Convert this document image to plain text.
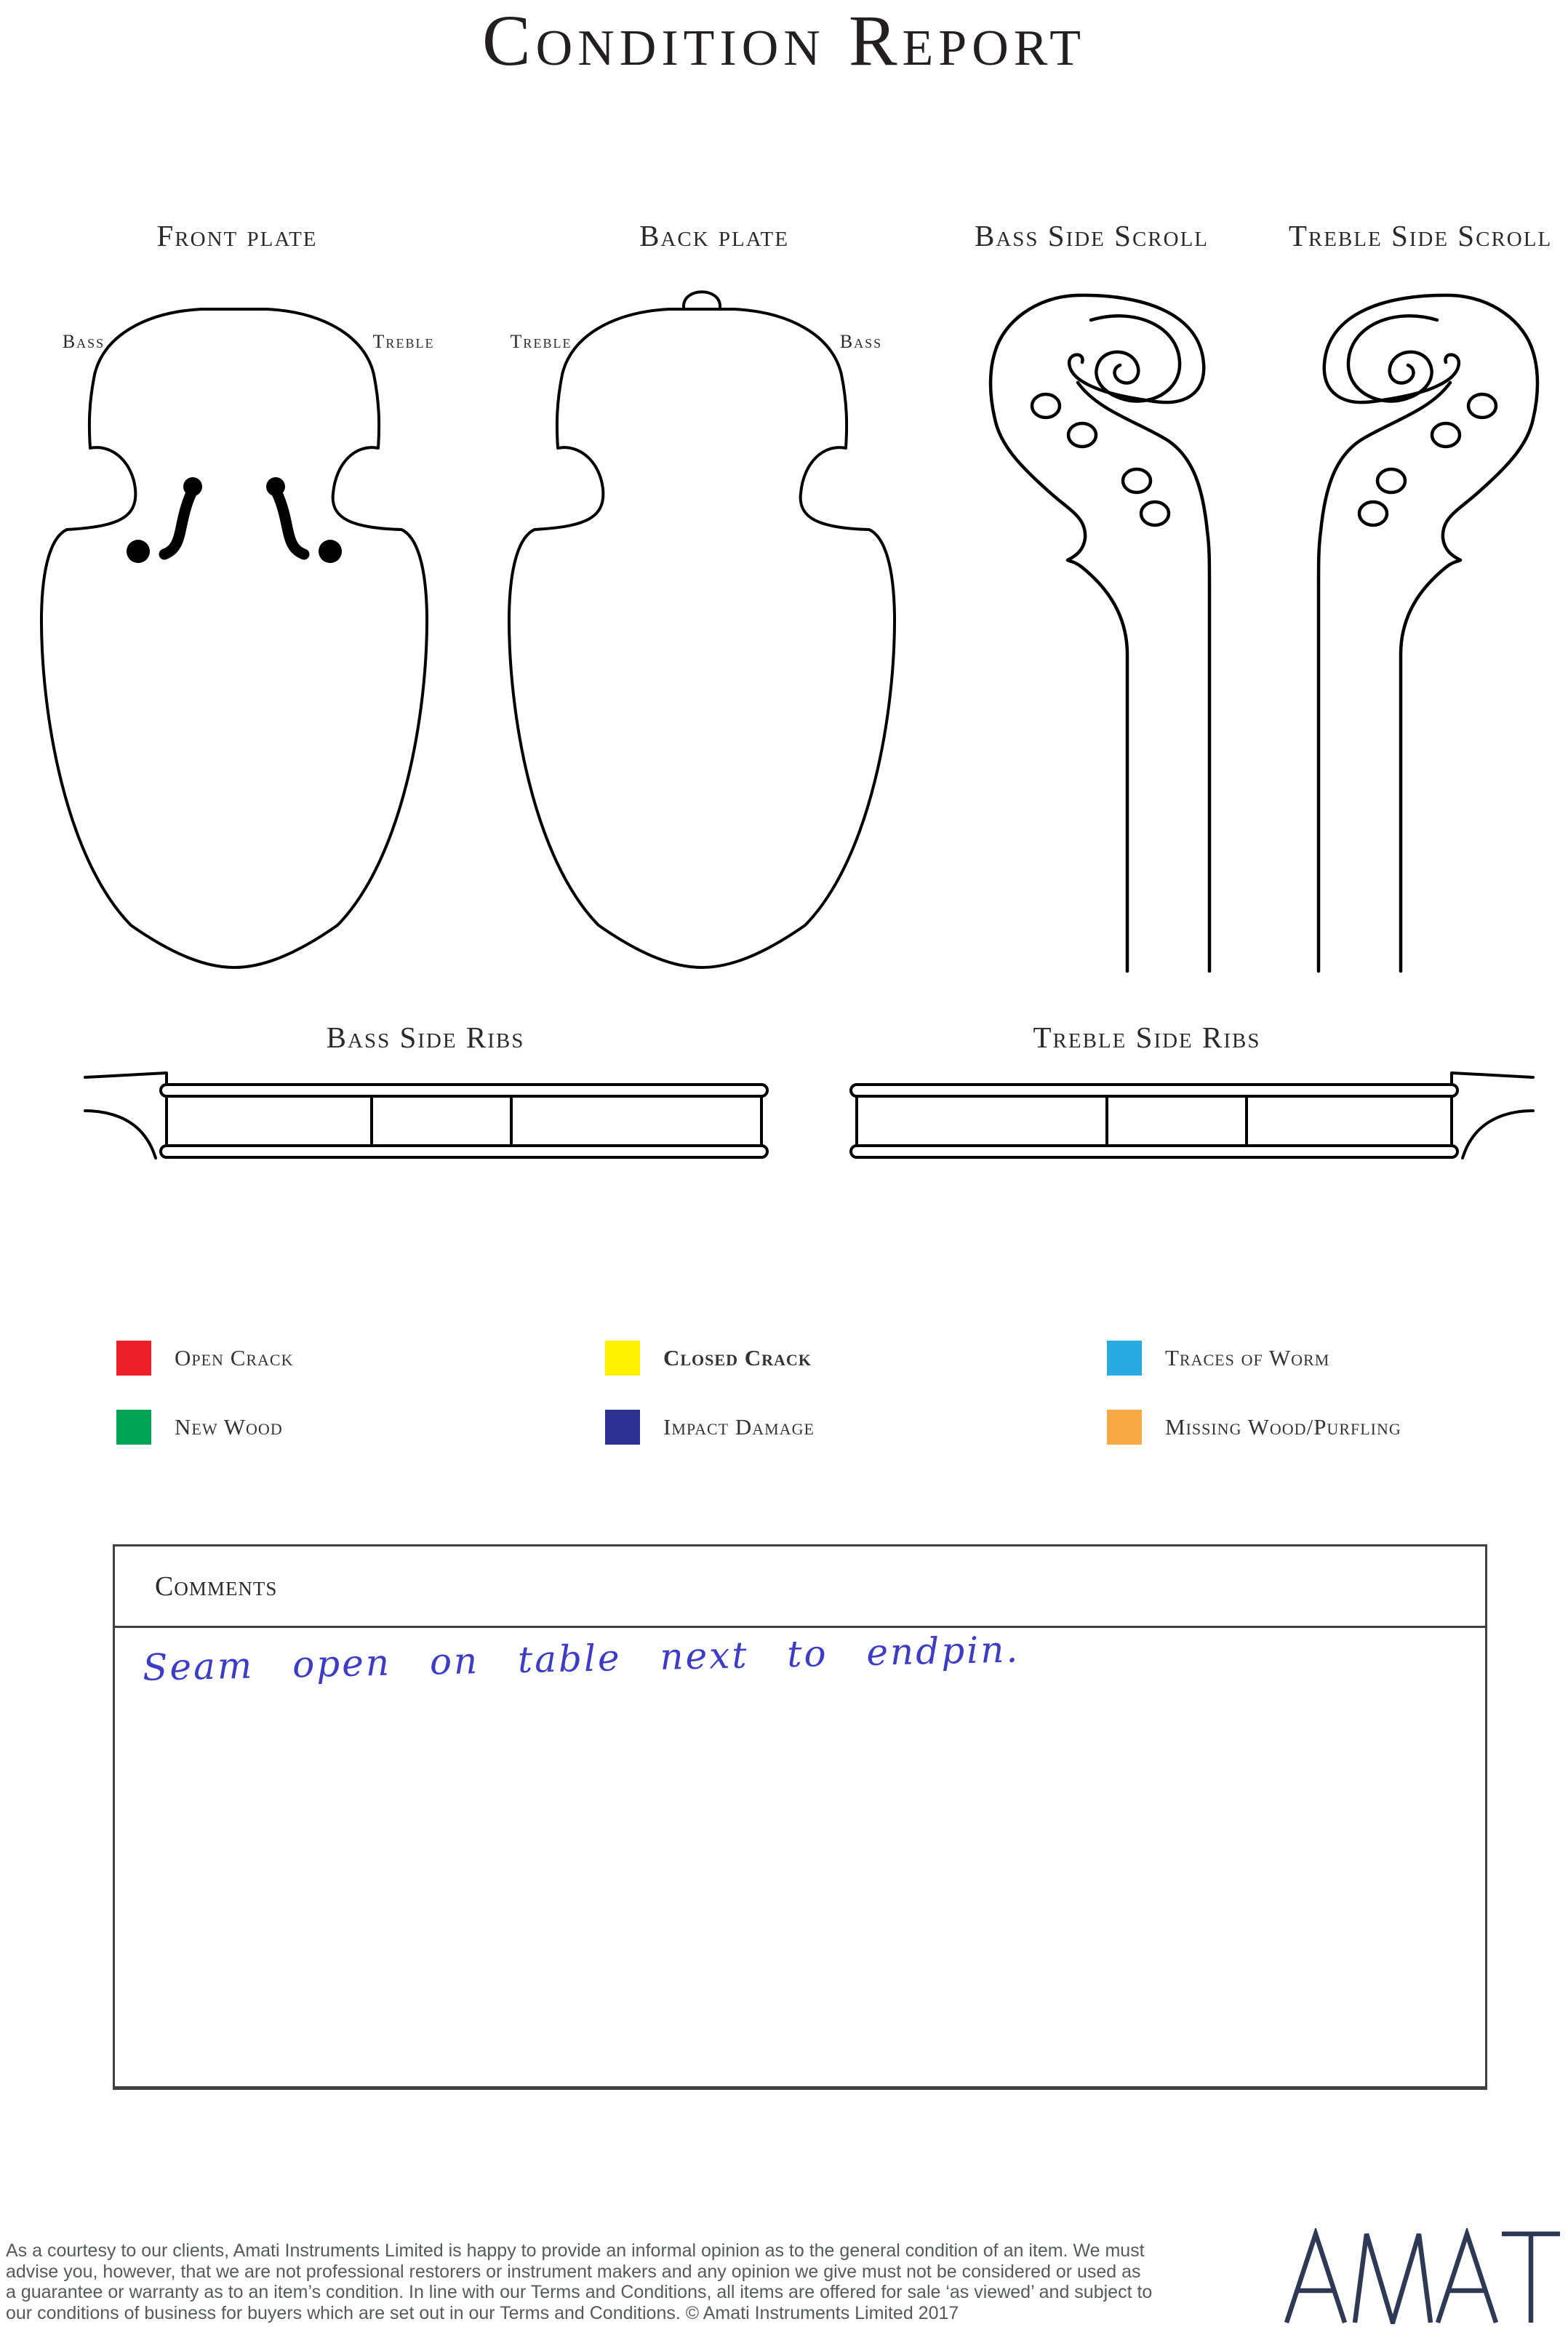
Condition Report
Front plate	Back plate	Bass Side Scroll	Treble Side Scroll
Bass Side Ribs	Treble Side Ribs
Bass	Treble	Treble	Bass
Open Crack	Closed Crack	Traces of Worm
New Wood	Impact Damage	Missing Wood/Purfling
Comments
Seam open on table next to endpin.
As a courtesy to our clients, Amati Instruments Limited is happy to provide an informal opinion as to the general condition of an item. We must
advise you, however, that we are not professional restorers or instrument makers and any opinion we give must not be considered or used as
a guarantee or warranty as to an item’s condition. In line with our Terms and Conditions, all items are offered for sale ‘as viewed’ and subject to
our conditions of business for buyers which are set out in our Terms and Conditions. © Amati Instruments Limited 2017
